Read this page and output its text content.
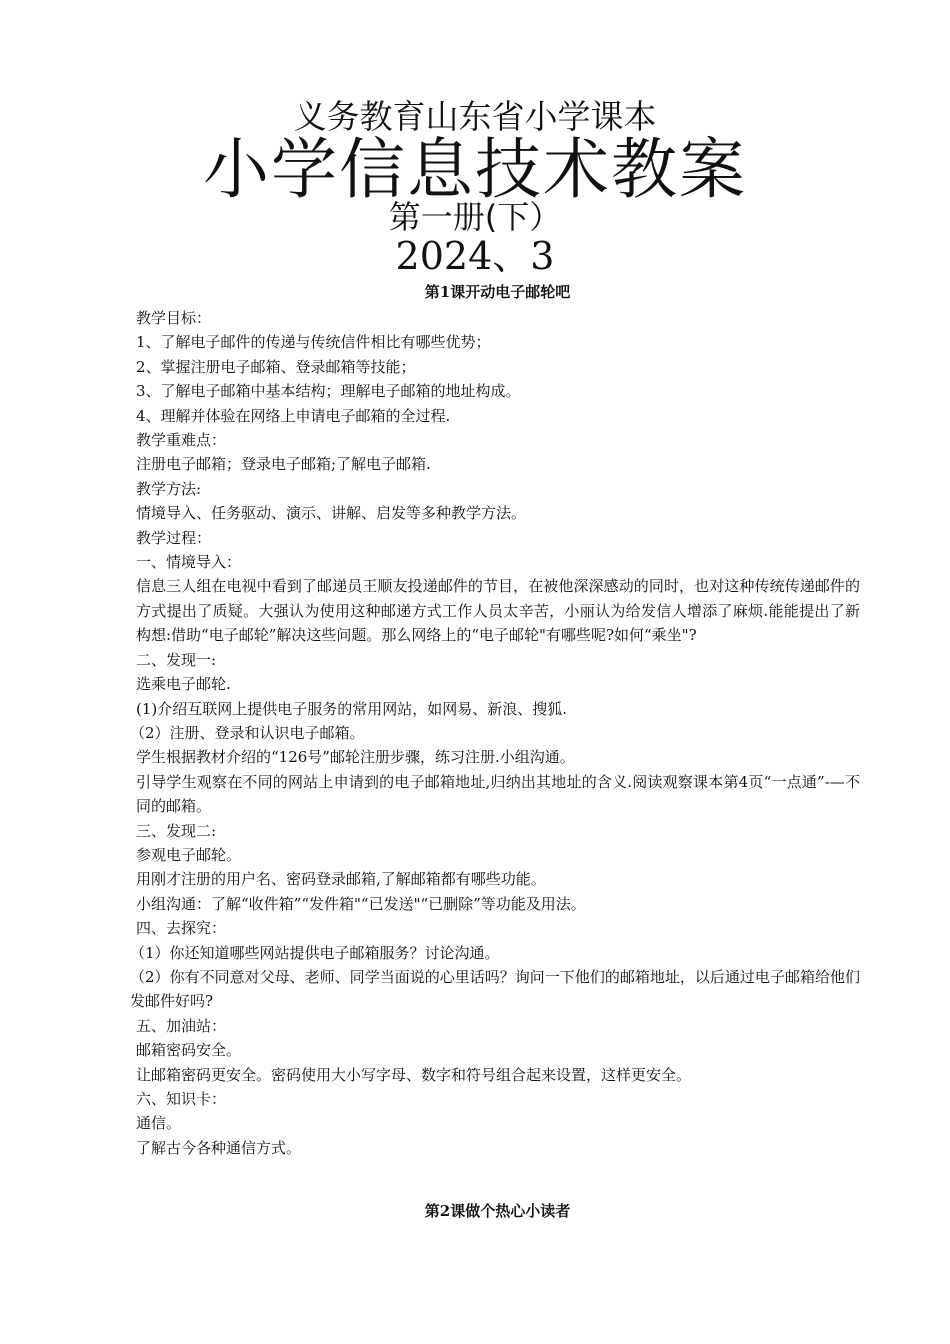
义务教育山东省小学课本
小学信息技术教案
第一册(下）
2024、3
第1课开动电子邮轮吧

教学目标：

1、了解电子邮件的传递与传统信件相比有哪些优势；

2、掌握注册电子邮箱、登录邮箱等技能；

3、了解电子邮箱中基本结构；理解电子邮箱的地址构成。

4、理解并体验在网络上申请电子邮箱的全过程.

教学重难点：

注册电子邮箱；登录电子邮箱;了解电子邮箱.

教学方法:

情境导入、任务驱动、演示、讲解、启发等多种教学方法。

教学过程：

一、情境导入：

信息三人组在电视中看到了邮递员王顺友投递邮件的节目，在被他深深感动的同时，也对这种传统传递邮件的方式提出了质疑。大强认为使用这种邮递方式工作人员太辛苦，小丽认为给发信人增添了麻烦.能能提出了新构想:借助“电子邮轮”解决这些问题。那么网络上的“电子邮轮"有哪些呢?如何“乘坐"?

二、发现一:

选乘电子邮轮.

(1)介绍互联网上提供电子服务的常用网站，如网易、新浪、搜狐.

（2）注册、登录和认识电子邮箱。

学生根据教材介绍的“126号”邮轮注册步骤，练习注册.小组沟通。

引导学生观察在不同的网站上申请到的电子邮箱地址,归纳出其地址的含义.阅读观察课本第4页“一点通”-—不同的邮箱。

三、发现二:

参观电子邮轮。

用刚才注册的用户名、密码登录邮箱,了解邮箱都有哪些功能。

小组沟通：了解“收件箱”“发件箱"“已发送"“已删除”等功能及用法。

四、去探究：

（1）你还知道哪些网站提供电子邮箱服务？讨论沟通。

（2）你有不同意对父母、老师、同学当面说的心里话吗？询问一下他们的邮箱地址，以后通过电子邮箱给他们发邮件好吗?

五、加油站：

邮箱密码安全。

让邮箱密码更安全。密码使用大小写字母、数字和符号组合起来设置，这样更安全。

六、知识卡：

通信。

了解古今各种通信方式。

第2课做个热心小读者
